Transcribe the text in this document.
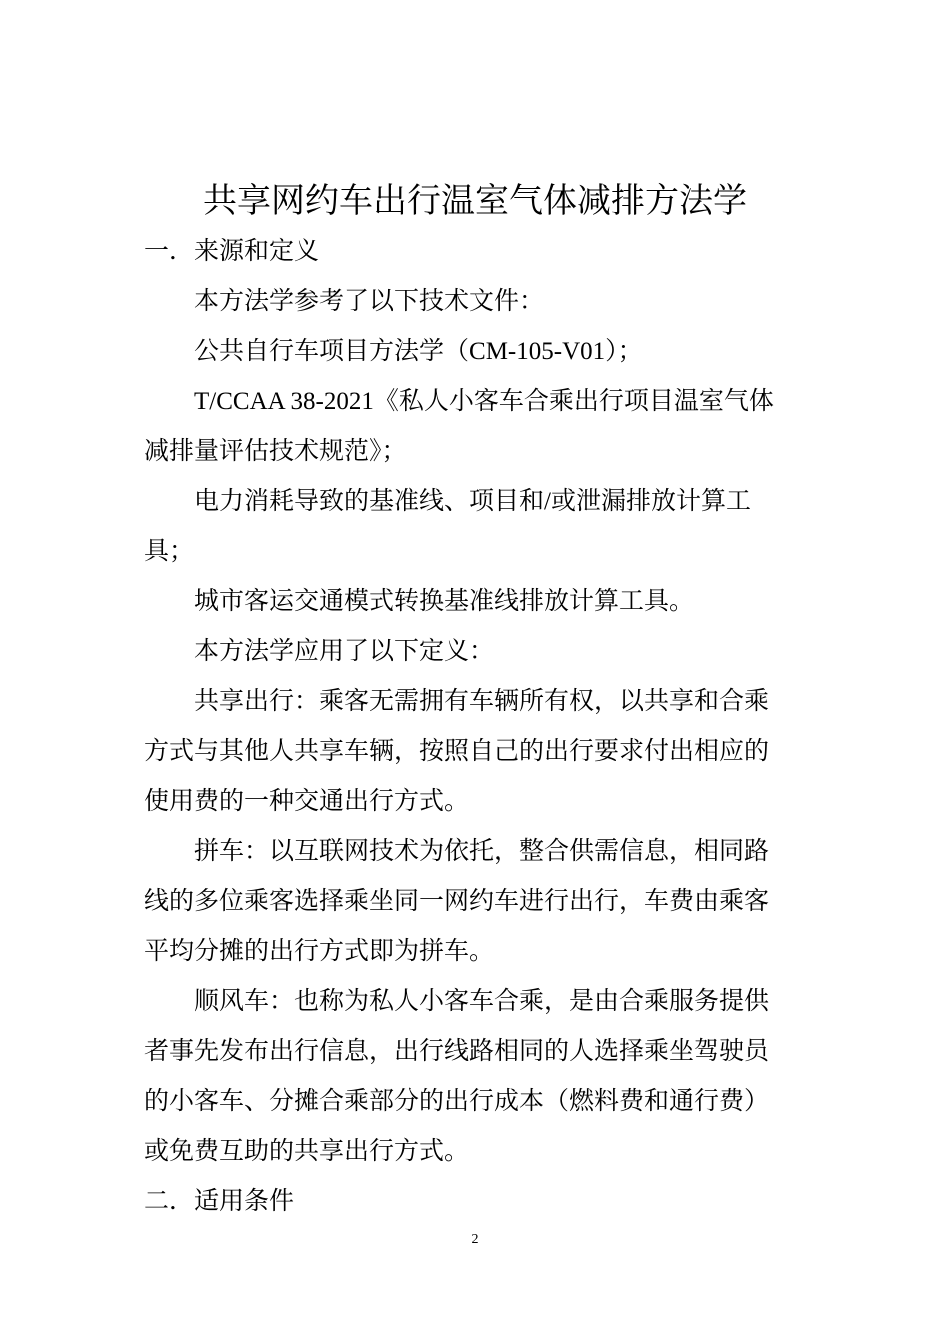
共享网约车出行温室气体减排方法学
一．来源和定义
本方法学参考了以下技术文件：
公共自行车项目方法学（CM-105-V01）；
T/CCAA 38-2021《私人小客车合乘出行项目温室气体
减排量评估技术规范》；
电力消耗导致的基准线、项目和/或泄漏排放计算工
具；
城市客运交通模式转换基准线排放计算工具。
本方法学应用了以下定义：
共享出行：乘客无需拥有车辆所有权，以共享和合乘
方式与其他人共享车辆，按照自己的出行要求付出相应的
使用费的一种交通出行方式。
拼车：以互联网技术为依托，整合供需信息，相同路
线的多位乘客选择乘坐同一网约车进行出行，车费由乘客
平均分摊的出行方式即为拼车。
顺风车：也称为私人小客车合乘，是由合乘服务提供
者事先发布出行信息，出行线路相同的人选择乘坐驾驶员
的小客车、分摊合乘部分的出行成本（燃料费和通行费）
或免费互助的共享出行方式。
二．适用条件
2
